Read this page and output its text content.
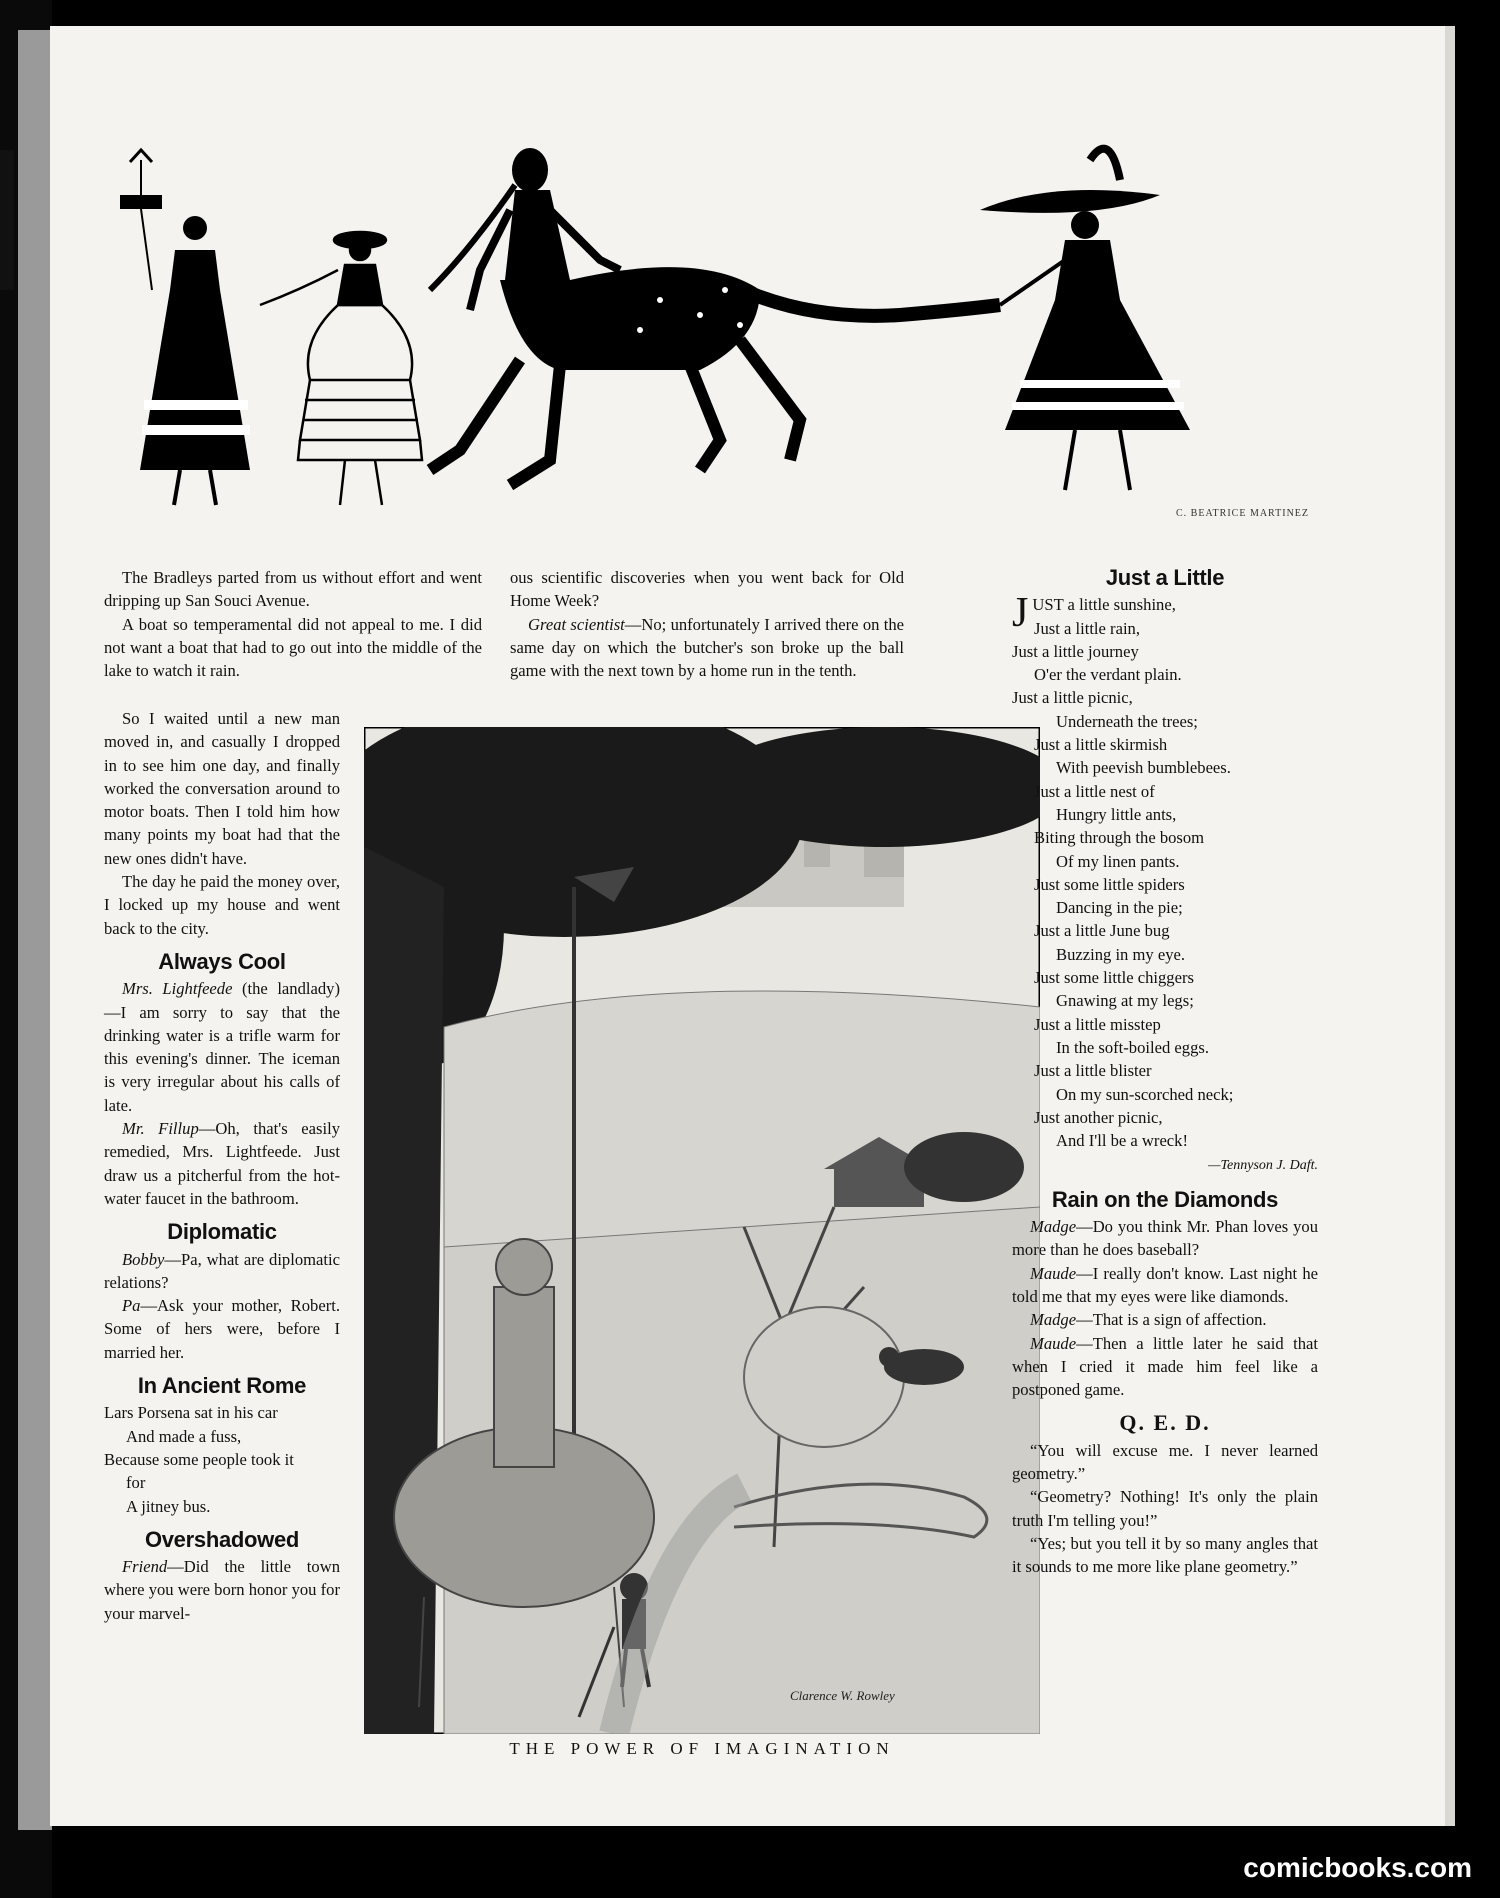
C. BEATRICE MARTINEZ

The Bradleys parted from us without effort and went dripping up San Souci Avenue.

A boat so temperamental did not appeal to me. I did not want a boat that had to go out into the middle of the lake to watch it rain.

So I waited until a new man moved in, and casually I dropped in to see him one day, and finally worked the conversation around to motor boats. Then I told him how many points my boat had that the new ones didn't have.

The day he paid the money over, I locked up my house and went back to the city.

Always Cool

Mrs. Lightfeede (the landlady)—I am sorry to say that the drinking water is a trifle warm for this evening's dinner. The iceman is very irregular about his calls of late.

Mr. Fillup—Oh, that's easily remedied, Mrs. Lightfeede. Just draw us a pitcherful from the hot-water faucet in the bathroom.

Diplomatic

Bobby—Pa, what are diplomatic relations?

Pa—Ask your mother, Robert. Some of hers were, before I married her.

In Ancient Rome
Lars Porsena sat in his car
And made a fuss,
Because some people took it
for
A jitney bus.
Overshadowed

Friend—Did the little town where you were born honor you for your marvel-

ous scientific discoveries when you went back for Old Home Week?

Great scientist—No; unfortunately I arrived there on the same day on which the butcher's son broke up the ball game with the next town by a home run in the tenth.

Clarence W. Rowley
THE POWER OF IMAGINATION
Just a Little
JUST a little sunshine,
Just a little rain,
Just a little journey
O'er the verdant plain.
Just a little picnic,
Underneath the trees;
Just a little skirmish
With peevish bumblebees.
Just a little nest of
Hungry little ants,
Biting through the bosom
Of my linen pants.
Just some little spiders
Dancing in the pie;
Just a little June bug
Buzzing in my eye.
Just some little chiggers
Gnawing at my legs;
Just a little misstep
In the soft-boiled eggs.
Just a little blister
On my sun-scorched neck;
Just another picnic,
And I'll be a wreck!
—Tennyson J. Daft.
Rain on the Diamonds

Madge—Do you think Mr. Phan loves you more than he does baseball?

Maude—I really don't know. Last night he told me that my eyes were like diamonds.

Madge—That is a sign of affection.

Maude—Then a little later he said that when I cried it made him feel like a postponed game.

Q. E. D.

“You will excuse me. I never learned geometry.”

“Geometry? Nothing! It's only the plain truth I'm telling you!”

“Yes; but you tell it by so many angles that it sounds to me more like plane geometry.”

comicbooks.com
